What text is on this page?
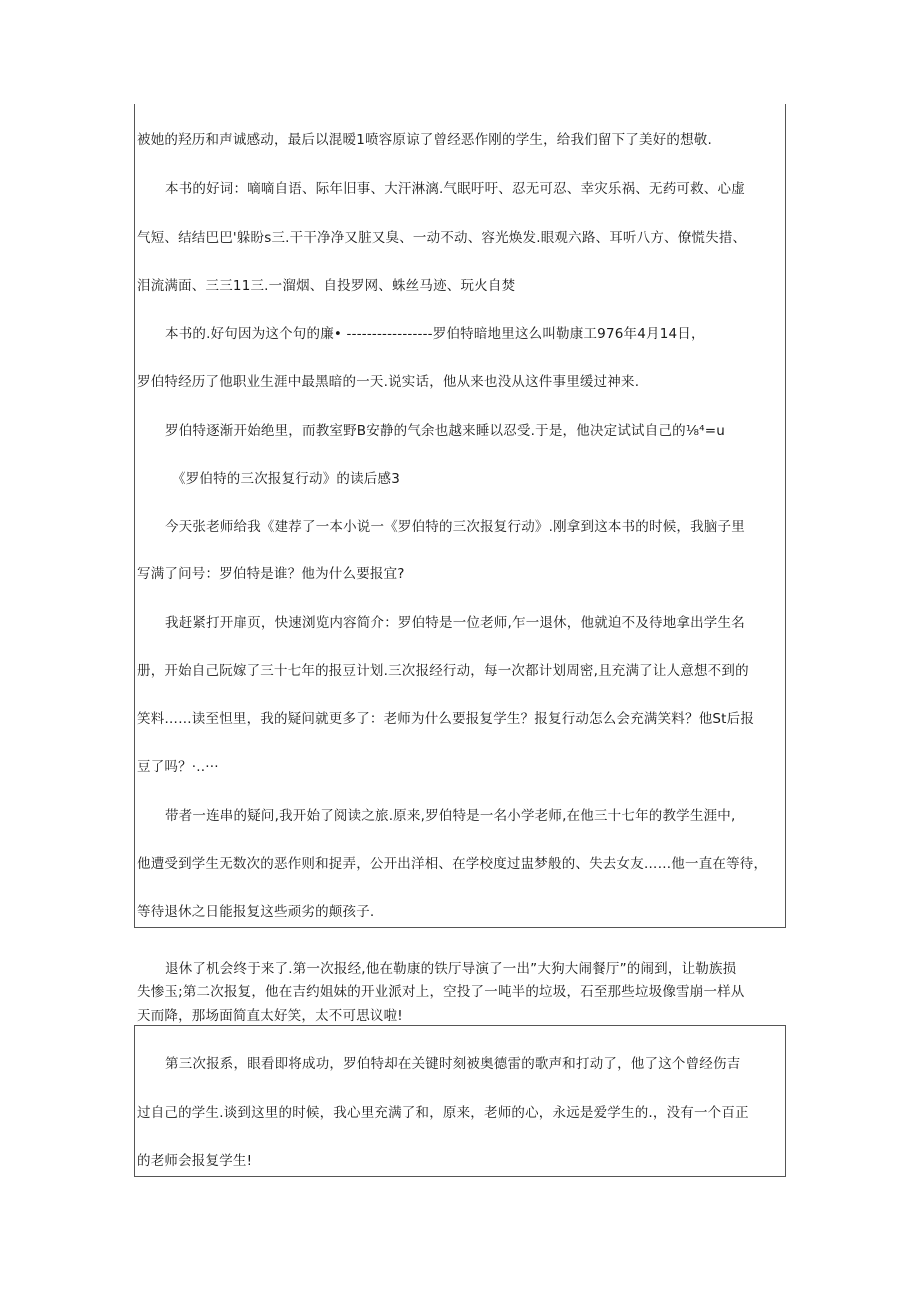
被她的羟历和声诚感动，最后以混暧1喷容原谅了曾经恶作刚的学生，给我们留下了美好的想敬.
本书的好词：嘀嘀自语、际年旧事、大汗淋漓.气眠吁吁、忍无可忍、幸灾乐祸、无药可救、心虚
气短、结结巴巴'躲盼s三.干干净净又脏又臭、一动不动、容光焕发.眼观六路、耳听八方、僚慌失措、
泪流满面、三三11三.一溜烟、自投罗网、蛛丝马迹、玩火自焚
本书的.好句因为这个句的廉• -----------------罗伯特暗地里这么叫勒康工976年4月14日，
罗伯特经历了他职业生涯中最黑暗的一天.说实话，他从来也没从这件事里缓过神来.
罗伯特逐渐开始绝里，而教室野B安静的气余也越来睡以忍受.于是，他决定试试自己的⅛⁴=u
《罗伯特的三次报复行动》的读后感3
今天张老师给我《建荐了一本小说一《罗伯特的三次报复行动》.刚拿到这本书的时候，我脑子里
写满了问号：罗伯特是谁？他为什么要报宜?
我赶紧打开扉页，快速浏览内容简介：罗伯特是一位老师,乍一退休，他就迫不及待地拿出学生名
册，开始自己阮嫁了三十七年的报豆计划.三次报经行动，每一次都计划周密,且充满了让人意想不到的
笑料……读至怛里，我的疑问就更多了：老师为什么要报复学生？报复行动怎么会充满笑料？他St后报
豆了吗？·..···
带者一连串的疑问,我开始了阅读之旅.原来,罗伯特是一名小学老师,在他三十七年的教学生涯中,
他遭受到学生无数次的恶作则和捉弄，公开出洋相、在学校度过盅梦般的、失去女友……他一直在等待，
等待退休之日能报复这些顽劣的颠孩子.
退休了机会终于来了.第一次报经,他在勒康的铁厅导演了一出”大狗大闹餐厅”的闹到，让勒族损
失惨玉;第二次报复，他在吉约姐妹的开业派对上，空投了一吨半的垃圾，石至那些垃圾像雪崩一样从
天而降，那场面简直太好笑，太不可思议啦!
第三次报系，眼看即将成功，罗伯特却在关键时刻被奥德雷的歌声和打动了，他了这个曾经伤吉
过自己的学生.谈到这里的时候，我心里充满了和，原来，老师的心，永远是爱学生的.，没有一个百正
的老师会报复学生!
